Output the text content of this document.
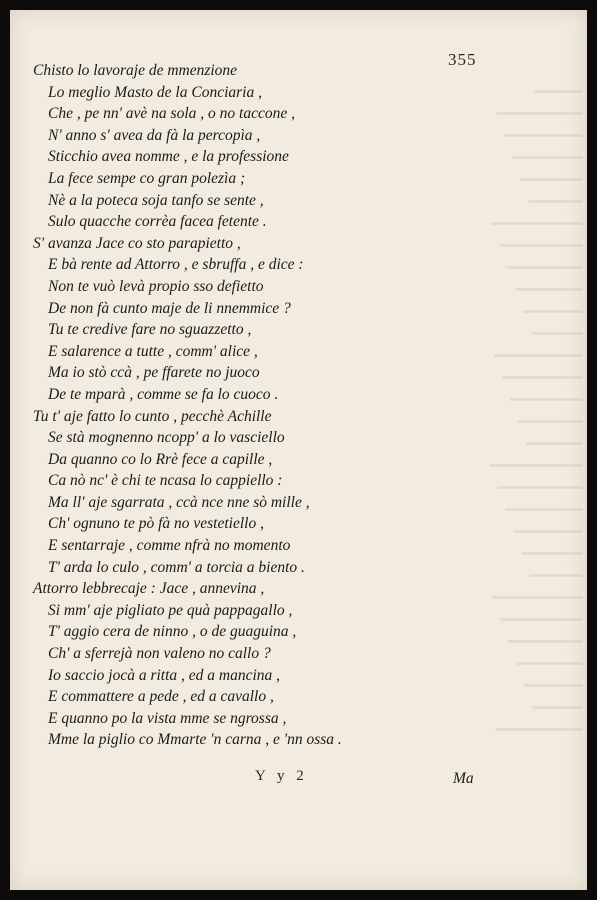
355
Chisto lo lavoraje de mmenzione
Lo meglio Masto de la Conciaria ,
Che , pe nn' avè na sola , o no taccone ,
N' anno s' avea da fà la percopìa ,
Sticchio avea nomme , e la professione
La fece sempe co gran polezìa ;
Nè a la poteca soja tanfo se sente ,
Sulo quacche corrèa facea fetente .
S' avanza Jace co sto parapietto ,
E bà rente ad Attorro , e sbruffa , e dice :
Non te vuò levà propio sso defietto
De non fà cunto maje de li nnemmice ?
Tu te credive fare no sguazzetto ,
E salarence a tutte , comm' alice ,
Ma io stò ccà , pe ffarete no juoco
De te mparà , comme se fa lo cuoco .
Tu t' aje fatto lo cunto , pecchè Achille
Se stà mognenno ncopp' a lo vasciello
Da quanno co lo Rrè fece a capille ,
Ca nò nc' è chi te ncasa lo cappiello :
Ma ll' aje sgarrata , ccà nce nne sò mille ,
Ch' ognuno te pò fà no vestetiello ,
E sentarraje , comme nfrà no momento
T' arda lo culo , comm' a torcia a biento .
Attorro lebbrecaje : Jace , annevina ,
Si mm' aje pigliato pe quà pappagallo ,
T' aggio cera de ninno , o de guaguina ,
Ch' a sferrejà non valeno no callo ?
Io saccio jocà a ritta , ed a mancina ,
E commattere a pede , ed a cavallo ,
E quanno po la vista mme se ngrossa ,
Mme la piglio co Mmarte 'n carna , e 'nn ossa .
Y y 2	Ma
